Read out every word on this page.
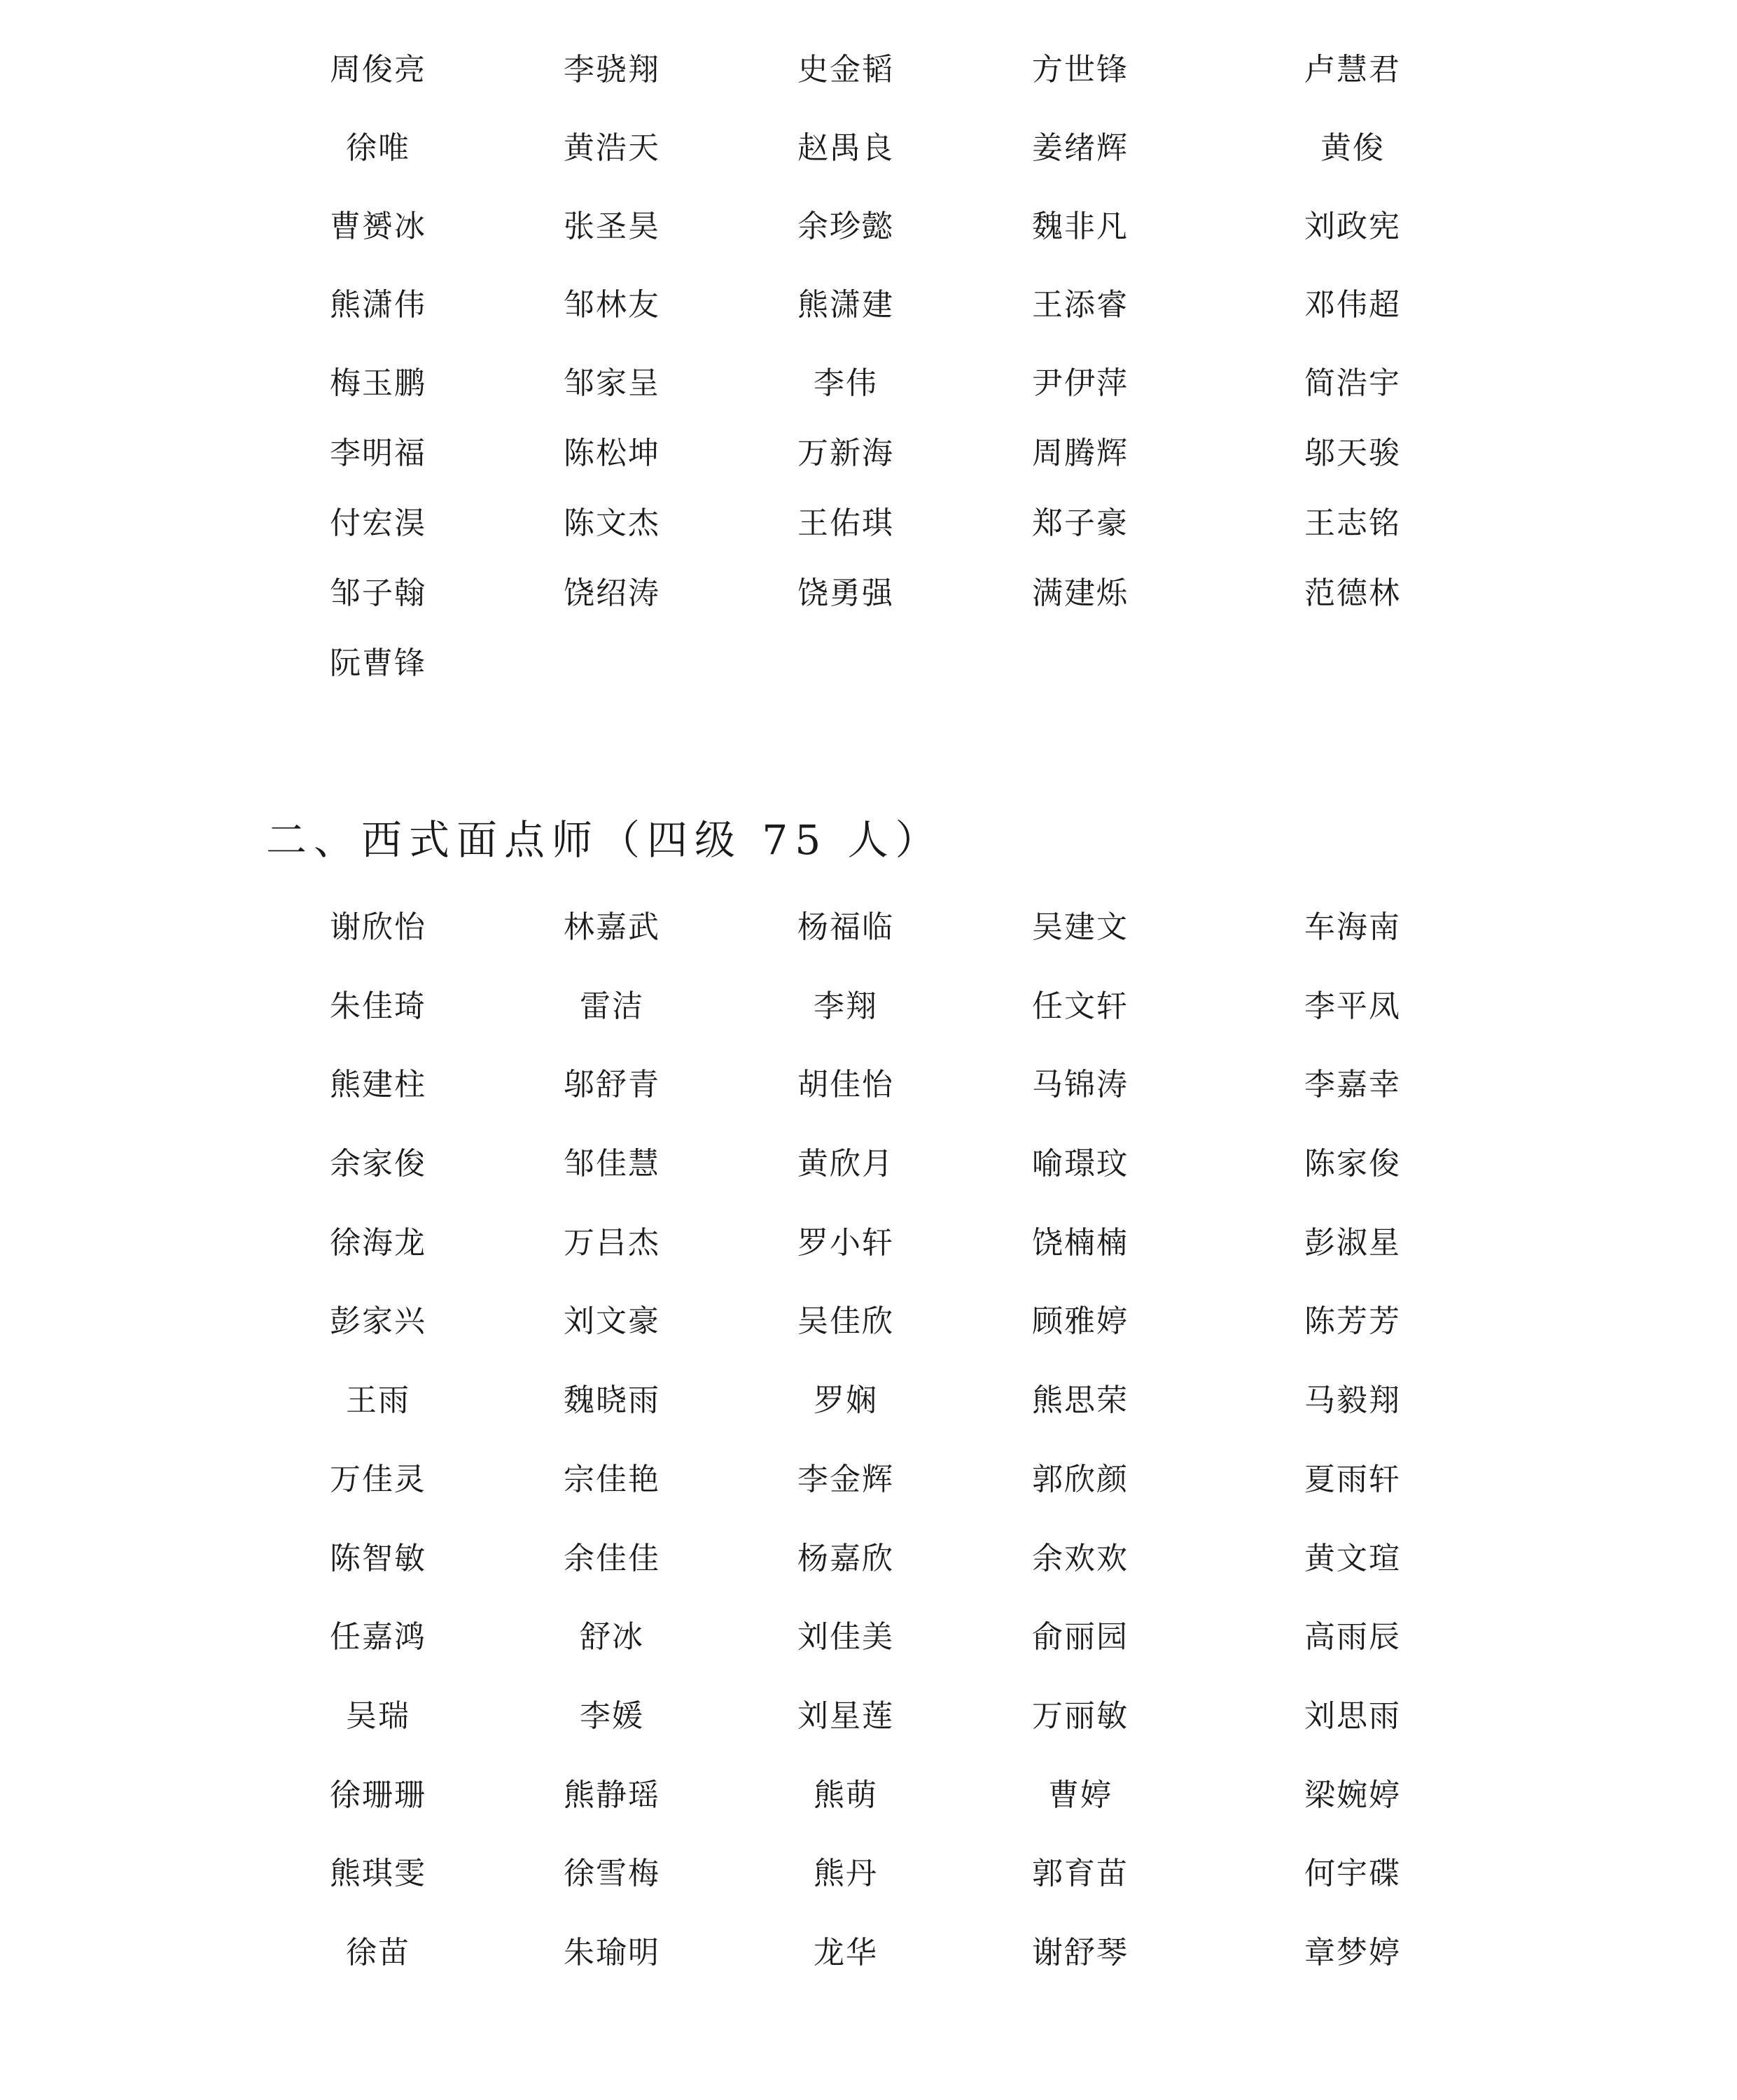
周俊亮	李骁翔	史金韬	方世锋	卢慧君
徐唯	黄浩天	赵禺良	姜绪辉	黄俊
曹赟冰	张圣昊	余珍懿	魏非凡	刘政宪
熊潇伟	邹林友	熊潇建	王添睿	邓伟超
梅玉鹏	邹家呈	李伟	尹伊萍	简浩宇
李明福	陈松坤	万新海	周腾辉	邬天骏
付宏淏	陈文杰	王佑琪	郑子豪	王志铭
邹子翰	饶绍涛	饶勇强	满建烁	范德林
阮曹锋
二、西式面点师（四级 75 人）
谢欣怡	林嘉武	杨福临	吴建文	车海南
朱佳琦	雷洁	李翔	任文轩	李平凤
熊建柱	邬舒青	胡佳怡	马锦涛	李嘉幸
余家俊	邹佳慧	黄欣月	喻璟玟	陈家俊
徐海龙	万吕杰	罗小轩	饶楠楠	彭淑星
彭家兴	刘文豪	吴佳欣	顾雅婷	陈芳芳
王雨	魏晓雨	罗娴	熊思荣	马毅翔
万佳灵	宗佳艳	李金辉	郭欣颜	夏雨轩
陈智敏	余佳佳	杨嘉欣	余欢欢	黄文瑄
任嘉鸿	舒冰	刘佳美	俞丽园	高雨辰
吴瑞	李媛	刘星莲	万丽敏	刘思雨
徐珊珊	熊静瑶	熊萌	曹婷	梁婉婷
熊琪雯	徐雪梅	熊丹	郭育苗	何宇碟
徐苗	朱瑜明	龙华	谢舒琴	章梦婷
